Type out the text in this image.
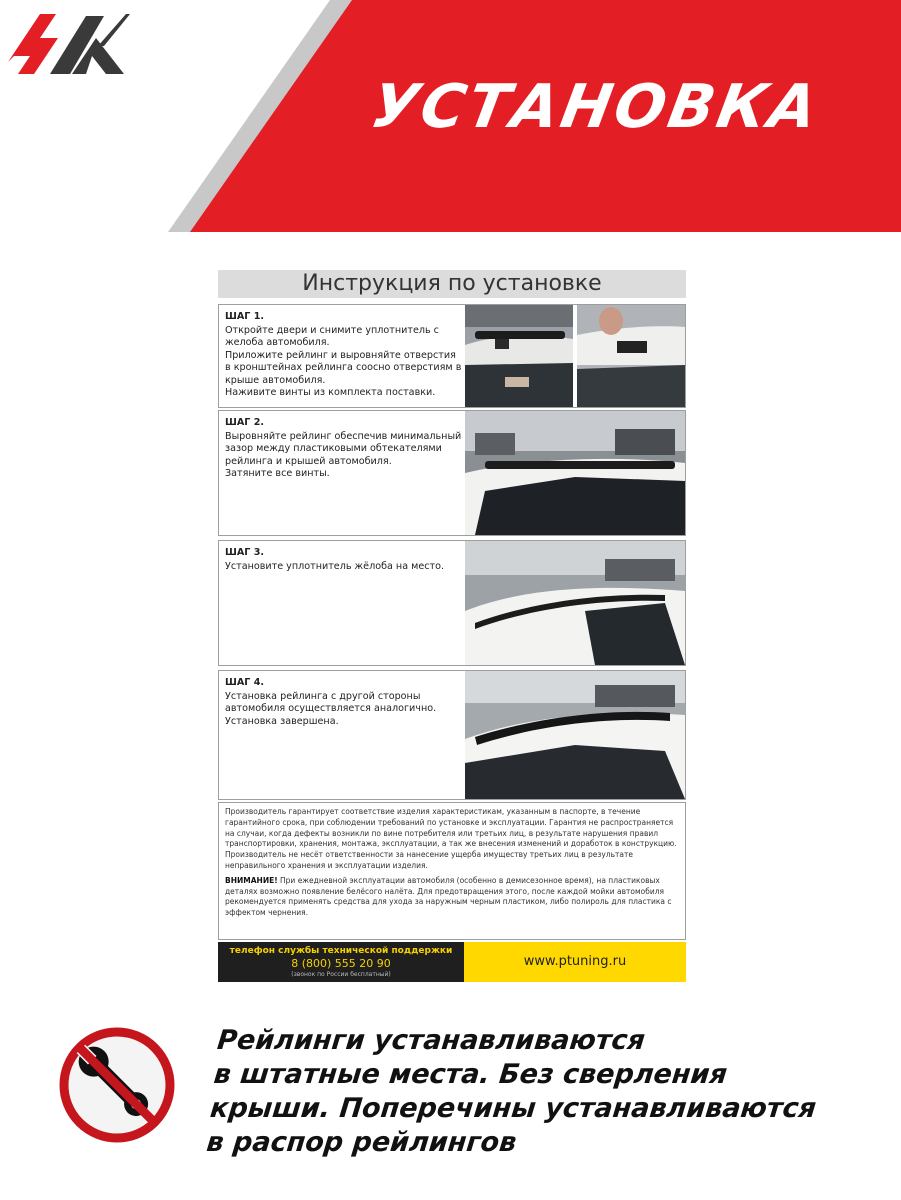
УСТАНОВКА
Инструкция по установке
ШАГ 1.
Откройте двери и снимите уплотнитель с
желоба автомобиля.
Приложите рейлинг и выровняйте отверстия
в кронштейнах рейлинга соосно отверстиям в
крыше автомобиля.
Наживите винты из комплекта поставки.
ШАГ 2.
Выровняйте рейлинг обеспечив минимальный
зазор между пластиковыми обтекателями
рейлинга и крышей автомобиля.
Затяните все винты.
ШАГ 3.
Установите уплотнитель жёлоба на место.
ШАГ 4.
Установка рейлинга с другой стороны
автомобиля осуществляется аналогично.
Установка завершена.

Производитель гарантирует соответствие изделия характеристикам, указанным в паспорте, в течение гарантийного срока, при соблюдении требований по установке и эксплуатации. Гарантия не распространяется на случаи, когда дефекты возникли по вине потребителя или третьих лиц, в результате нарушения правил транспортировки, хранения, монтажа, эксплуатации, а так же внесения изменений и доработок в конструкцию. Производитель не несёт ответственности за нанесение ущерба имуществу третьих лиц в результате неправильного хранения и эксплуатации изделия.

ВНИМАНИЕ! При ежедневной эксплуатации автомобиля (особенно в демисезонное время), на пластиковых деталях возможно появление белёсого налёта. Для предотвращения этого, после каждой мойки автомобиля рекомендуется применять средства для ухода за наружным черным пластиком, либо полироль для пластика с эффектом чернения.

телефон службы технической поддержки
8 (800) 555 20 90
(звонок по России бесплатный)
www.ptuning.ru
Рейлинги устанавливаются
в штатные места. Без сверления
крыши. Поперечины устанавливаются
в распор рейлингов
